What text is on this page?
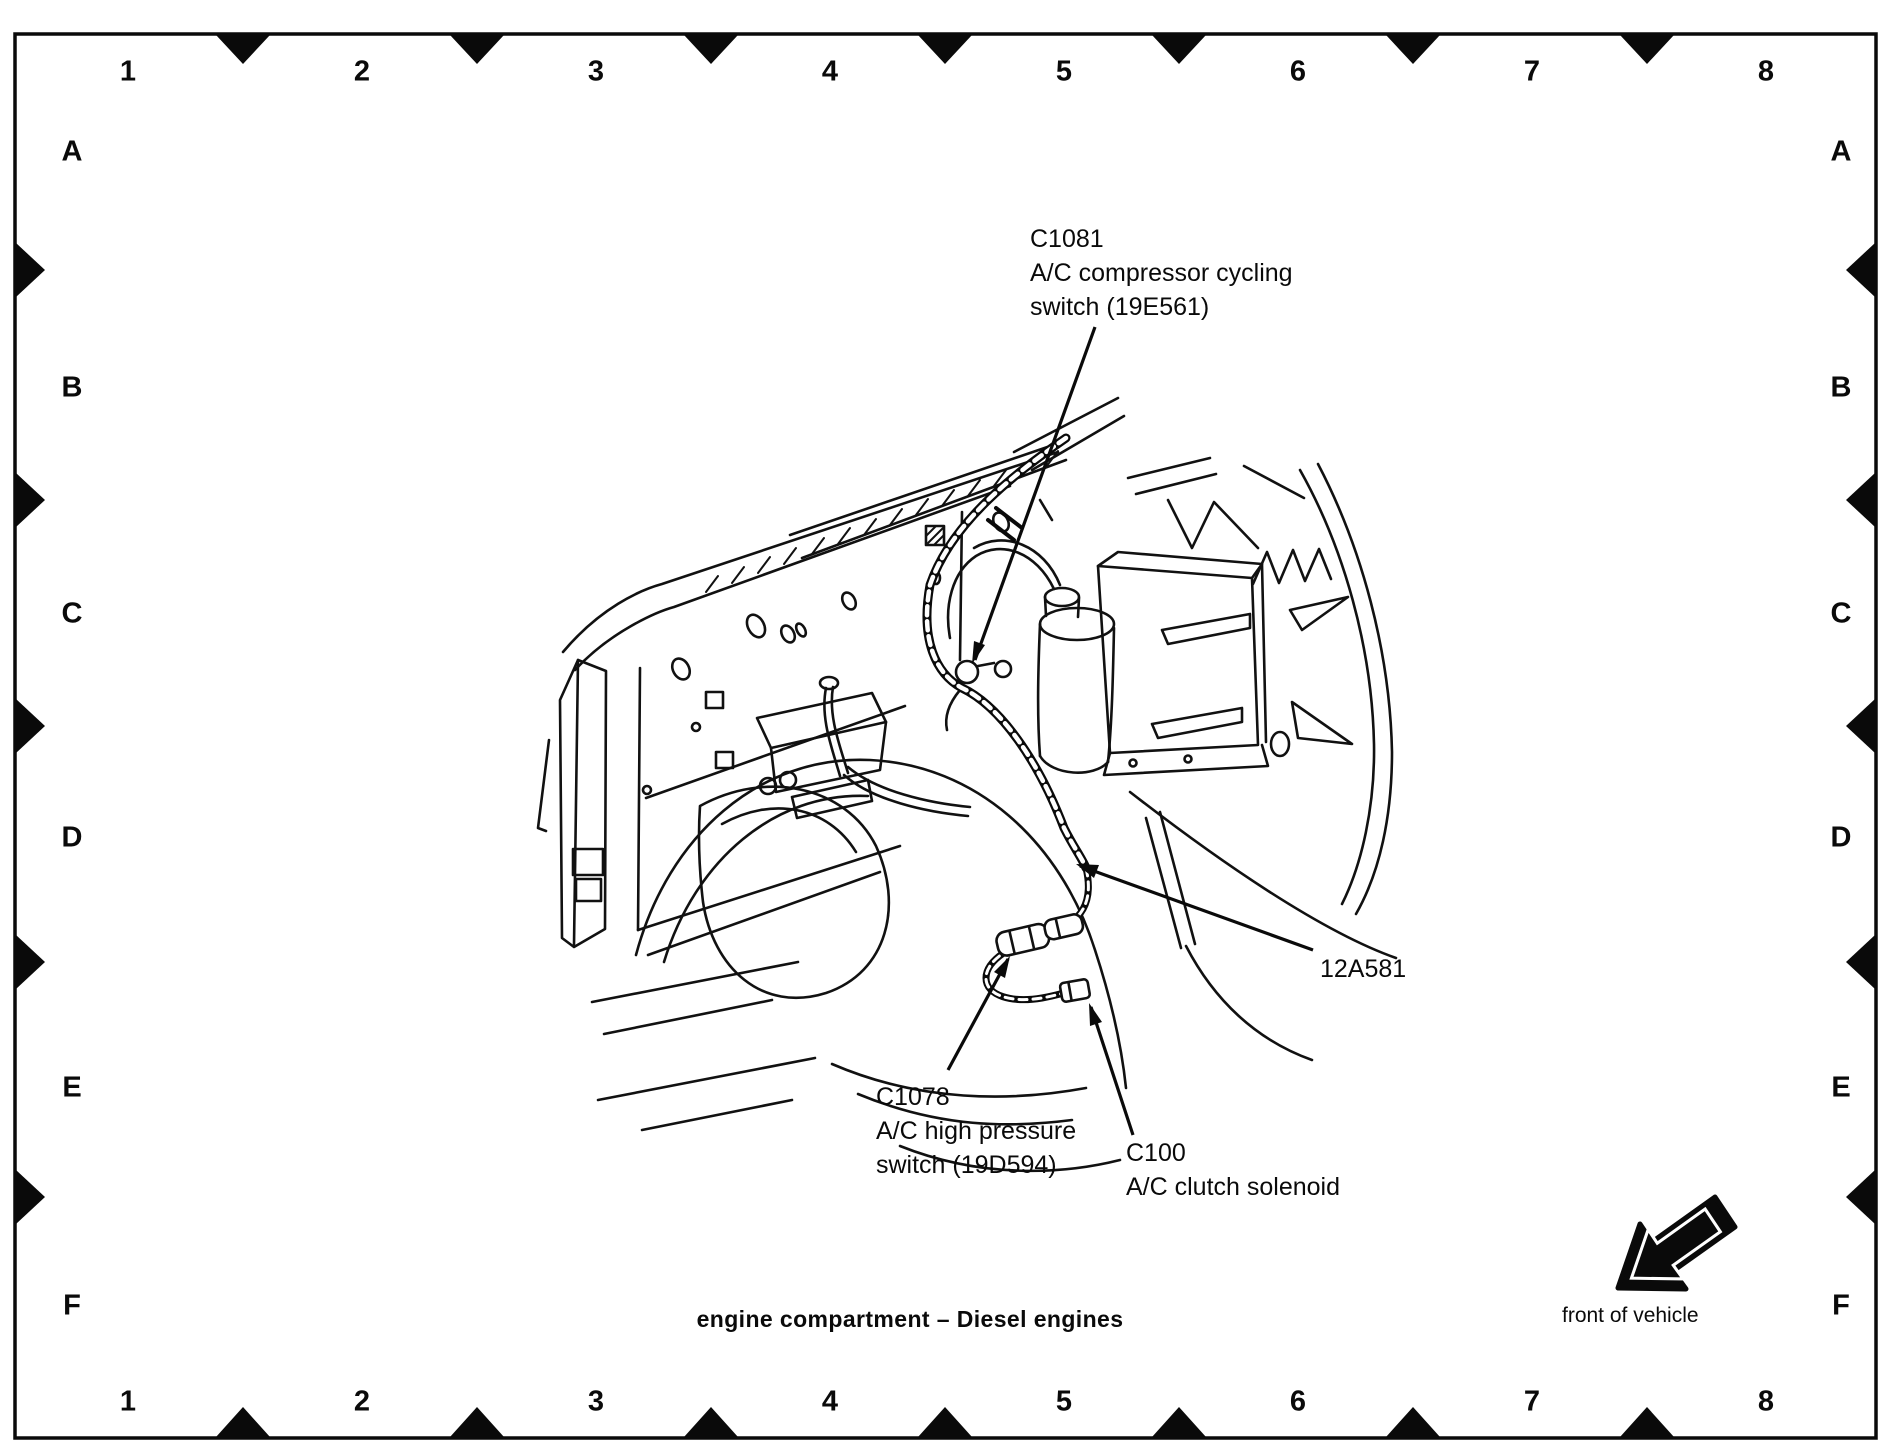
1	2	3	4	5	6	7	8
1	2	3	4	5	6	7	8
A
B
C
D
E
F
A
B
C
D
E
F
C1081
A/C compressor cycling
switch (19E561)
12A581
C1078
A/C high pressure
switch (19D594)	C100
A/C clutch solenoid
engine compartment – Diesel engines	front of vehicle
